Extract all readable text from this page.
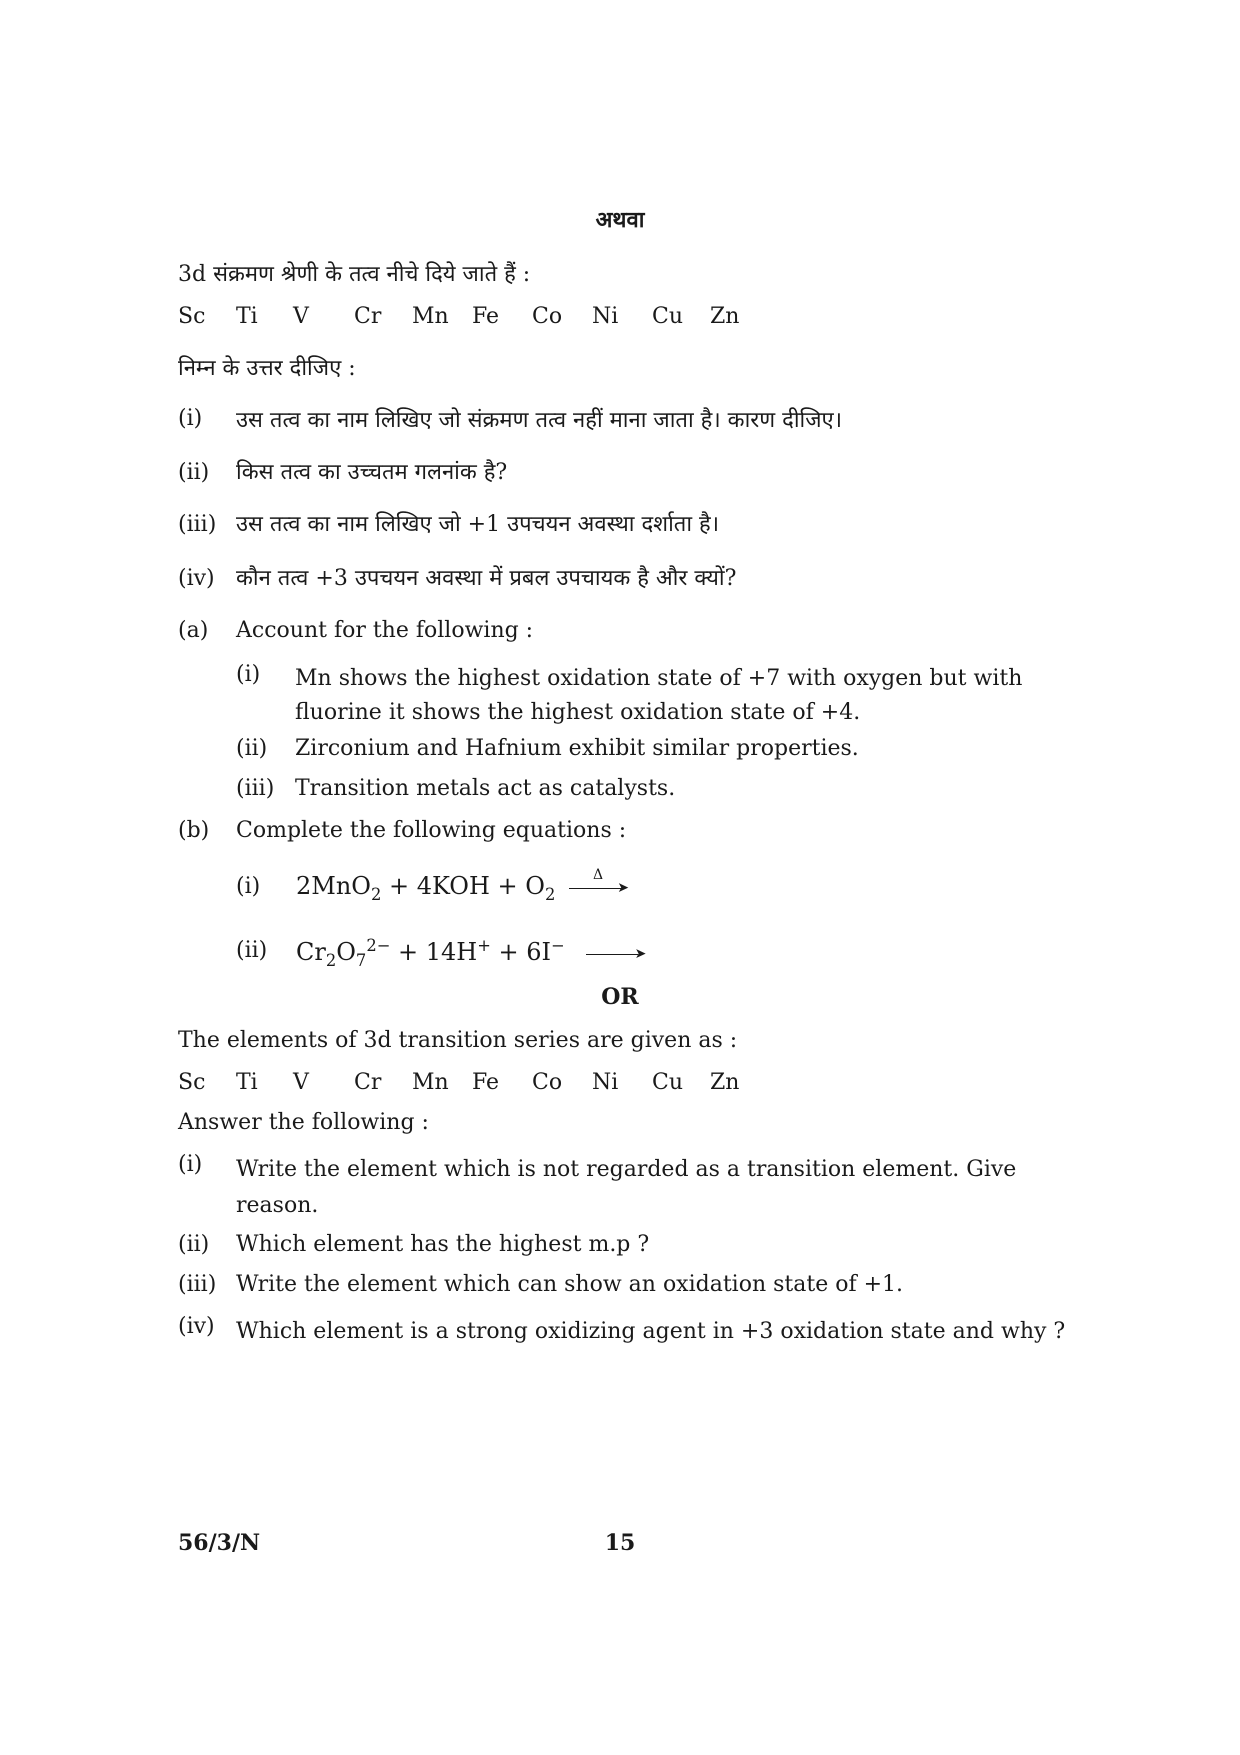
अथवा
3d संक्रमण श्रेणी के तत्व नीचे दिये जाते हैं :
Sc Ti V Cr Mn Fe Co Ni Cu Zn
निम्न के उत्तर दीजिए :
(i) उस तत्व का नाम लिखिए जो संक्रमण तत्व नहीं माना जाता है। कारण दीजिए।
(ii) किस तत्व का उच्चतम गलनांक है?
(iii) उस तत्व का नाम लिखिए जो +1 उपचयन अवस्था दर्शाता है।
(iv) कौन तत्व +3 उपचयन अवस्था में प्रबल उपचायक है और क्यों?
(a) Account for the following :
(i) Mn shows the highest oxidation state of +7 with oxygen but with fluorine it shows the highest oxidation state of +4.
(ii) Zirconium and Hafnium exhibit similar properties.
(iii) Transition metals act as catalysts.
(b) Complete the following equations :
(i) $2MnO_2 + 4KOH + O_2$
Δ
➤
(ii) $Cr_2O_7^{2-} + 14H^+ + 6I^-$	➤
OR
The elements of 3d transition series are given as :
Sc Ti V Cr Mn Fe Co Ni Cu Zn
Answer the following :
(i) Write the element which is not regarded as a transition element. Give reason.
(ii) Which element has the highest m.p ?
(iii) Write the element which can show an oxidation state of +1.
(iv) Which element is a strong oxidizing agent in +3 oxidation state and why ?
56/3/N	15
